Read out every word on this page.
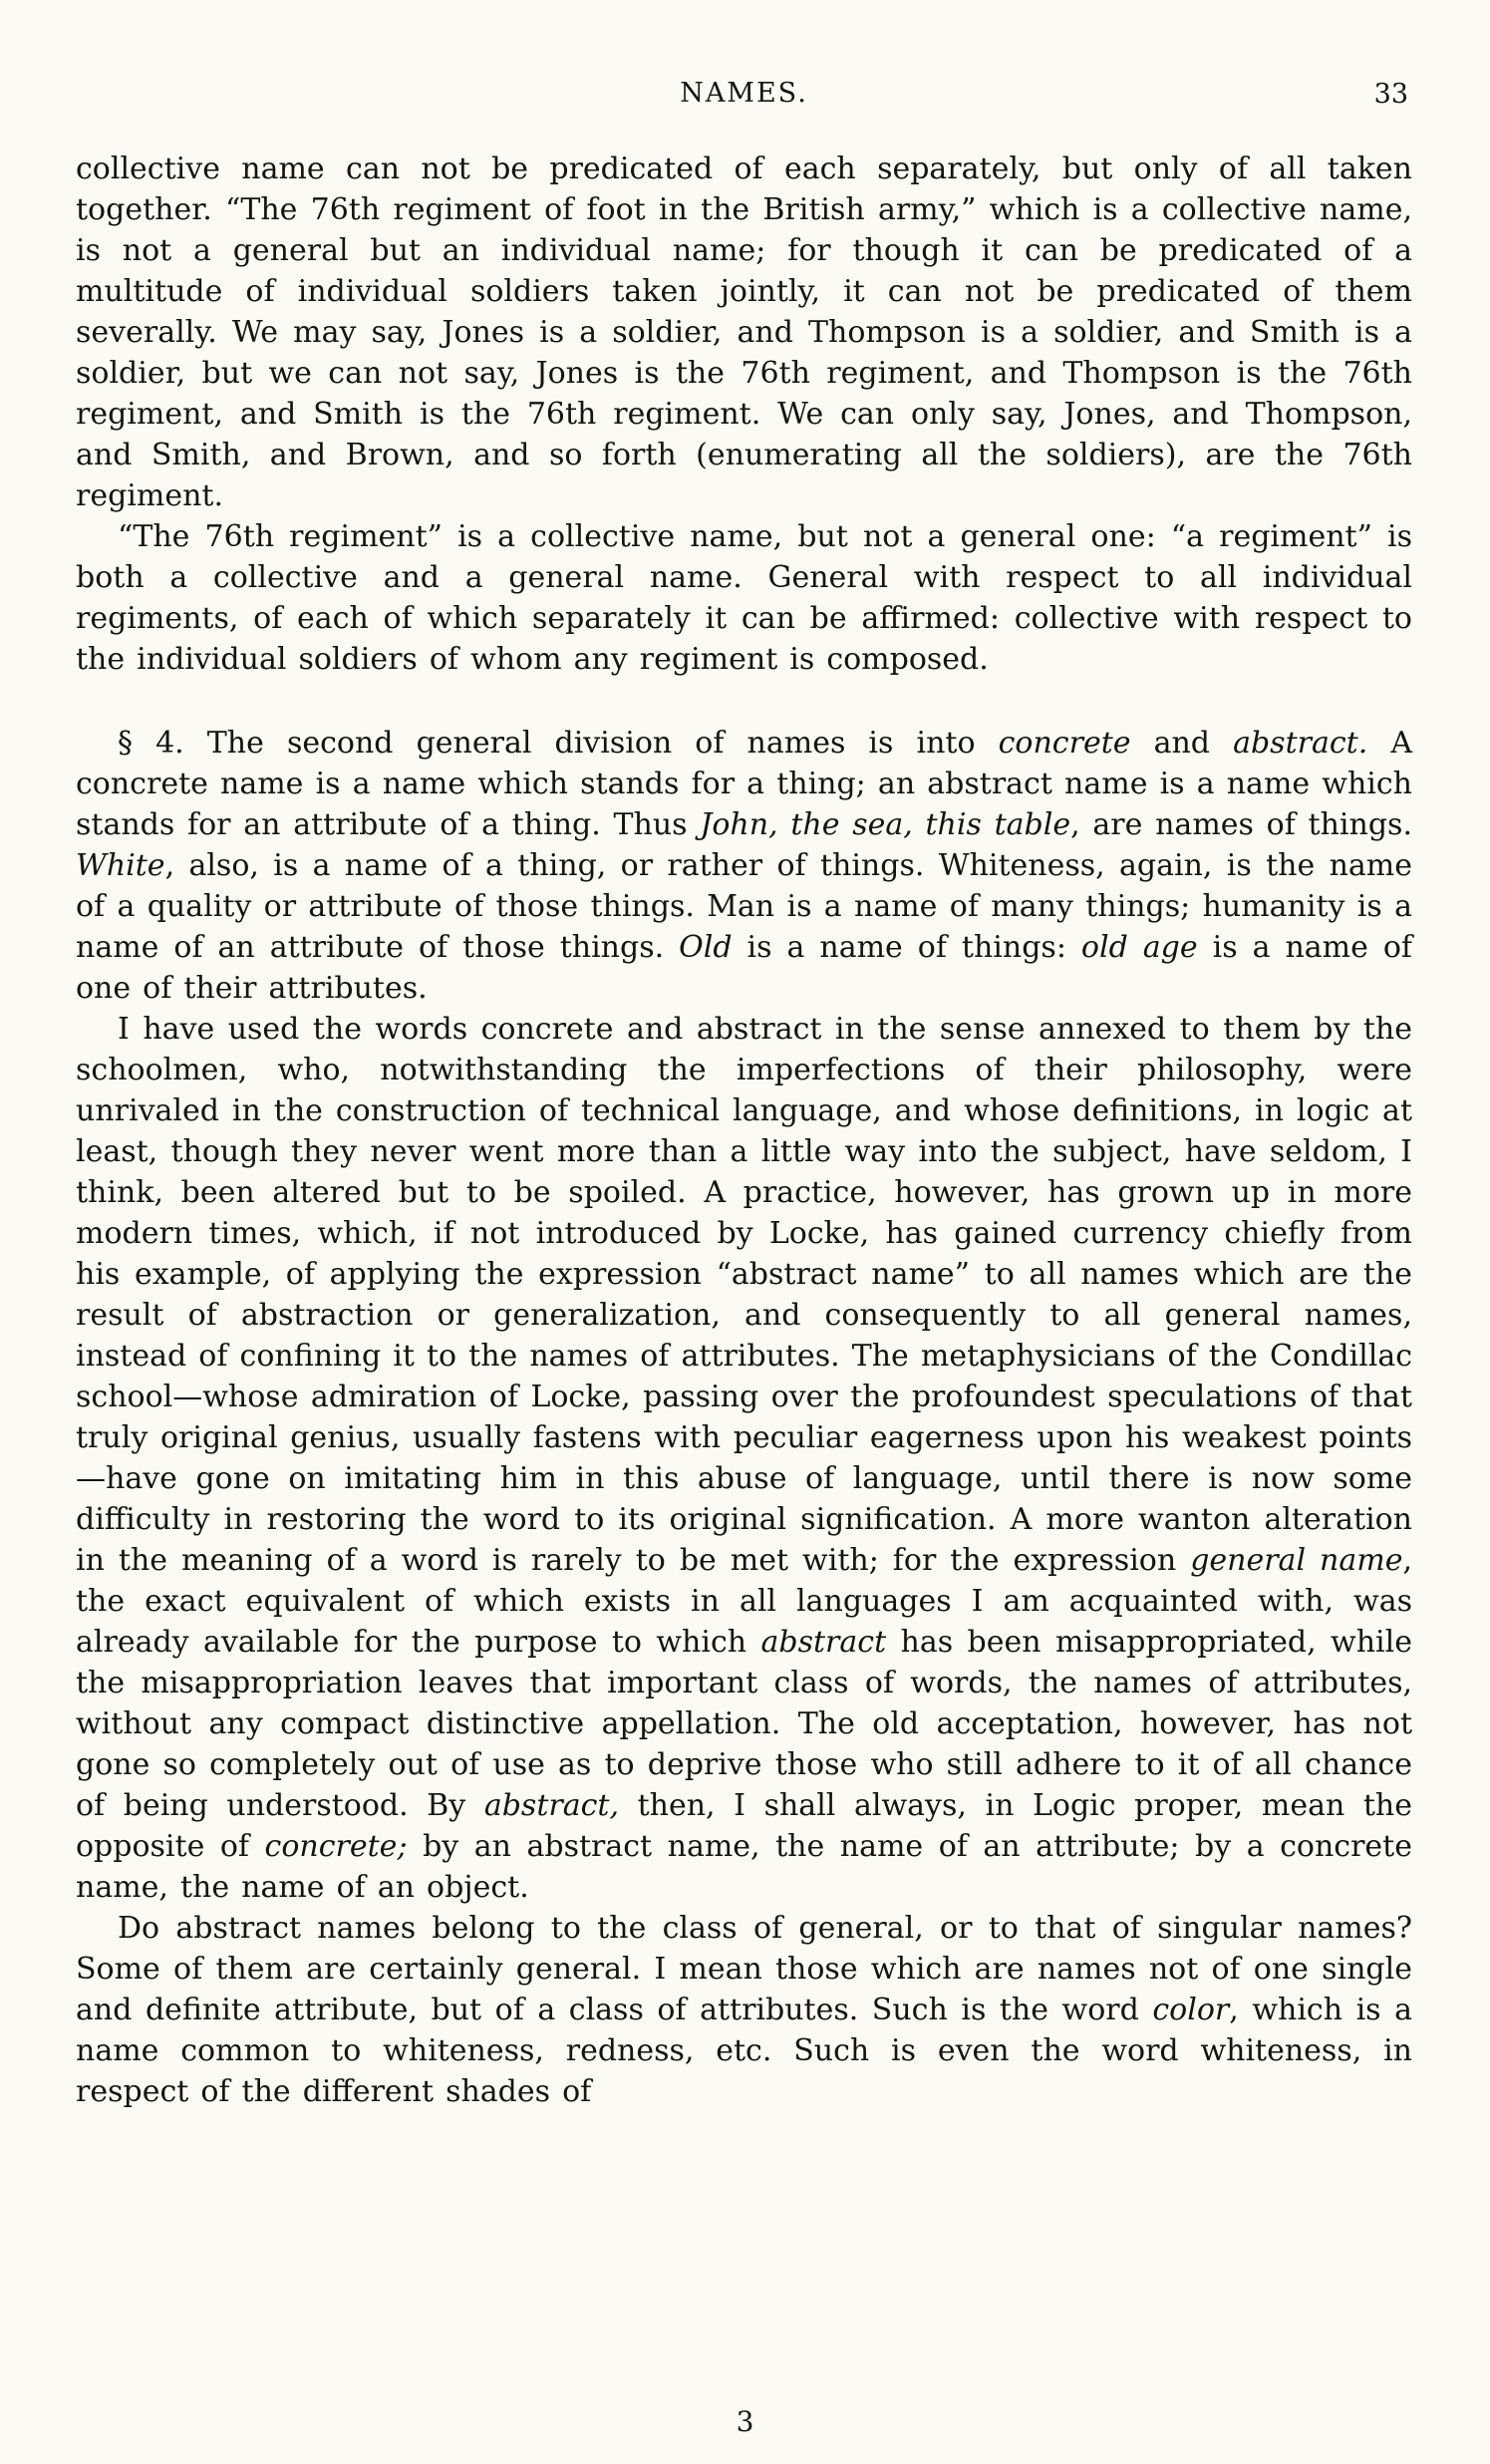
NAMES.	33

collective name can not be predicated of each separately, but only of all taken together. “The 76th regiment of foot in the British army,” which is a collective name, is not a general but an individual name; for though it can be predicated of a multitude of individual soldiers taken jointly, it can not be predicated of them severally. We may say, Jones is a soldier, and Thompson is a soldier, and Smith is a soldier, but we can not say, Jones is the 76th regiment, and Thompson is the 76th regiment, and Smith is the 76th regiment. We can only say, Jones, and Thompson, and Smith, and Brown, and so forth (enumerating all the soldiers), are the 76th regiment.

“The 76th regiment” is a collective name, but not a general one: “a regiment” is both a collective and a general name. General with respect to all individual regiments, of each of which separately it can be affirmed: collective with respect to the individual soldiers of whom any regiment is composed.

§ 4. The second general division of names is into concrete and abstract. A concrete name is a name which stands for a thing; an abstract name is a name which stands for an attribute of a thing. Thus John, the sea, this table, are names of things. White, also, is a name of a thing, or rather of things. Whiteness, again, is the name of a quality or attribute of those things. Man is a name of many things; humanity is a name of an attribute of those things. Old is a name of things: old age is a name of one of their attributes.

I have used the words concrete and abstract in the sense annexed to them by the schoolmen, who, notwithstanding the imperfections of their philosophy, were unrivaled in the construction of technical language, and whose definitions, in logic at least, though they never went more than a little way into the subject, have seldom, I think, been altered but to be spoiled. A practice, however, has grown up in more modern times, which, if not introduced by Locke, has gained currency chiefly from his example, of applying the expression “abstract name” to all names which are the result of abstraction or generalization, and consequently to all general names, instead of confining it to the names of attributes. The metaphysicians of the Condillac school—whose admiration of Locke, passing over the profoundest speculations of that truly original genius, usually fastens with peculiar eagerness upon his weakest points—have gone on imitating him in this abuse of language, until there is now some difficulty in restoring the word to its original signification. A more wanton alteration in the meaning of a word is rarely to be met with; for the expression general name, the exact equivalent of which exists in all languages I am acquainted with, was already available for the purpose to which abstract has been misappropriated, while the misappropriation leaves that important class of words, the names of attributes, without any compact distinctive appellation. The old acceptation, however, has not gone so completely out of use as to deprive those who still adhere to it of all chance of being understood. By abstract, then, I shall always, in Logic proper, mean the opposite of concrete; by an abstract name, the name of an attribute; by a concrete name, the name of an object.

Do abstract names belong to the class of general, or to that of singular names? Some of them are certainly general. I mean those which are names not of one single and definite attribute, but of a class of attributes. Such is the word color, which is a name common to whiteness, redness, etc. Such is even the word whiteness, in respect of the different shades of

3
